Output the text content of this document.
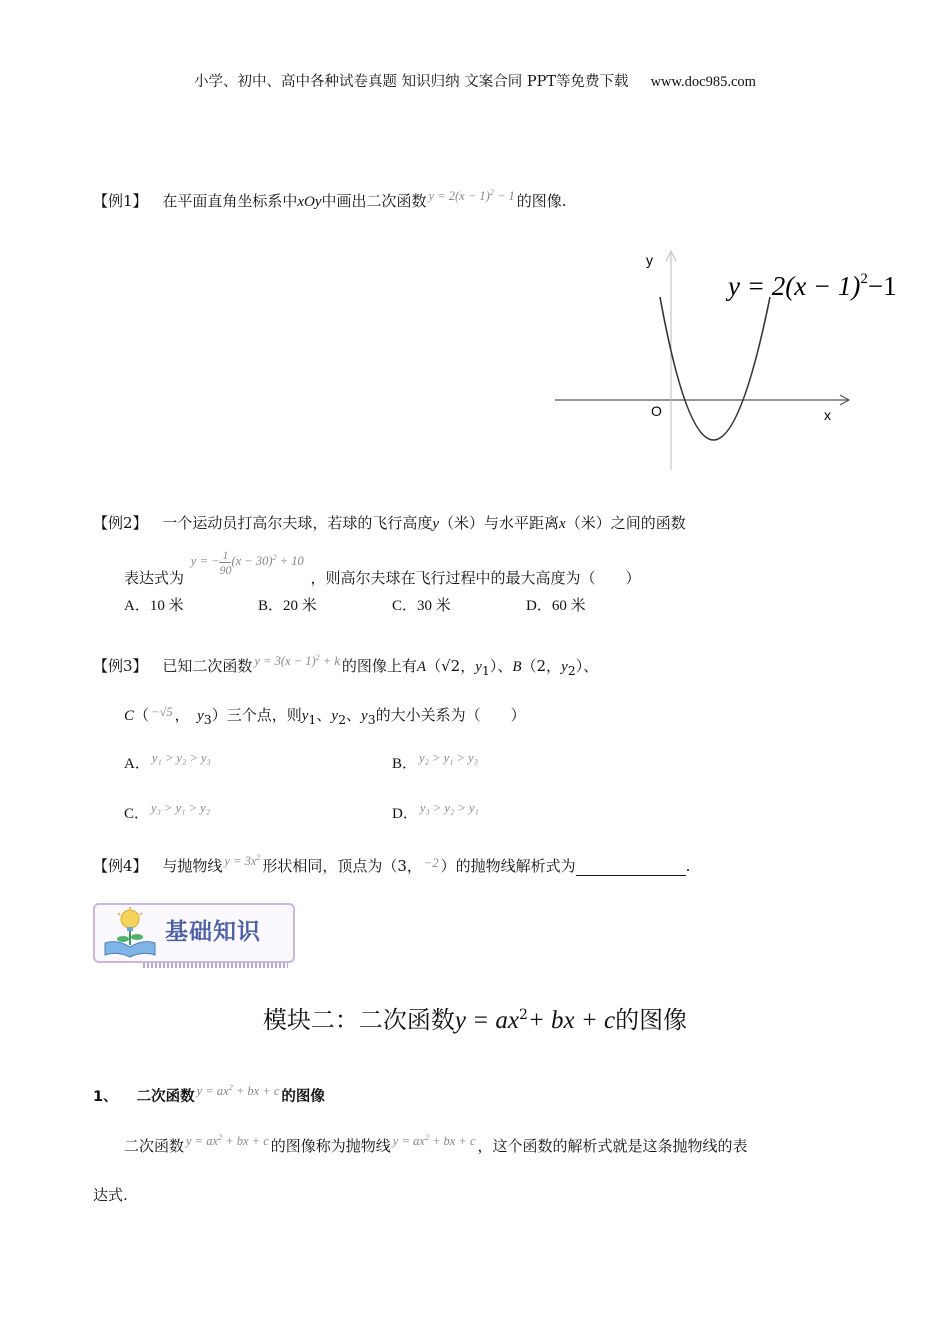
小学、初中、高中各种试卷真题 知识归纳 文案合同 PPT等免费下载 www.doc985.com
【例1】 在平面直角坐标系中xOy中画出二次函数 $^{y = 2(x - 1)^2 - 1}$ 的图像.
y
x
O
$y = 2(x - 1)^2-1$
【例2】 一个运动员打高尔夫球，若球的飞行高度y（米）与水平距离x（米）之间的函数
表达式为 y = − $\frac{1}{90} (x - 30)^2 + 10$ ，则高尔夫球在飞行过程中的最大高度为（　　）
A．10 米	B．20 米	C．30 米	D．60 米
【例3】 已知二次函数 $^{y = 3(x - 1)^2 + k}$ 的图像上有A（√2，$y_1$）、B（2，$y_2$）、
C（ $^{-√5}$ ，　$y_3$）三个点，则$y_1$、$y_2$、$y_3$的大小关系为（　　）
A． $^{y_1 > y_2 > y_3}$	B． $^{y_2 > y_1 > y_3}$
C． $^{y_3 > y_1 > y_2}$	D． $^{y_3 > y_2 > y_1}$
【例4】 与抛物线 $^{y = 3x^2}$ 形状相同，顶点为（3， $^{-2}$ ）的抛物线解析式为	.
基础知识
模块二：二次函数$y = ax^2+$ bx + c的图像
1、 二次函数 $y = ax^2$ + bx + c 的图像
二次函数 $^{y = ax^2 + bx + c}$ 的图像称为抛物线 $^{y = ax^2 + bx + c}$ ，这个函数的解析式就是这条抛物线的表
达式.
